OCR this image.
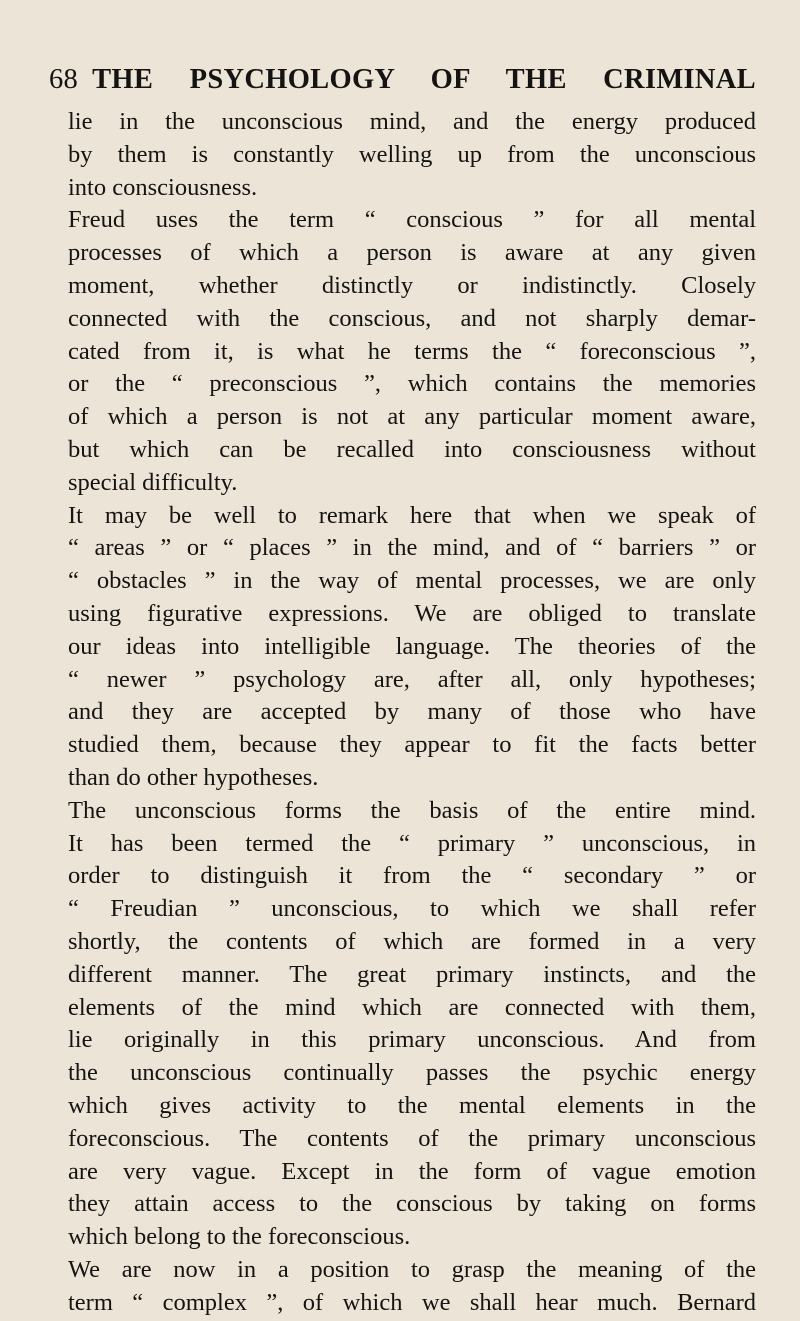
68 THE PSYCHOLOGY OF THE CRIMINAL
lie in the unconscious mind, and the energy produced
by them is constantly welling up from the unconscious
into consciousness.
Freud uses the term “ conscious ” for all mental
processes of which a person is aware at any given
moment, whether distinctly or indistinctly. Closely
connected with the conscious, and not sharply demar-
cated from it, is what he terms the “ foreconscious ”,
or the “ preconscious ”, which contains the memories
of which a person is not at any particular moment aware,
but which can be recalled into consciousness without
special difficulty.
It may be well to remark here that when we speak of
“ areas ” or “ places ” in the mind, and of “ barriers ” or
“ obstacles ” in the way of mental processes, we are only
using figurative expressions. We are obliged to translate
our ideas into intelligible language. The theories of the
“ newer ” psychology are, after all, only hypotheses;
and they are accepted by many of those who have
studied them, because they appear to fit the facts better
than do other hypotheses.
The unconscious forms the basis of the entire mind.
It has been termed the “ primary ” unconscious, in
order to distinguish it from the “ secondary ” or
“ Freudian ” unconscious, to which we shall refer
shortly, the contents of which are formed in a very
different manner. The great primary instincts, and the
elements of the mind which are connected with them,
lie originally in this primary unconscious. And from
the unconscious continually passes the psychic energy
which gives activity to the mental elements in the
foreconscious. The contents of the primary unconscious
are very vague. Except in the form of vague emotion
they attain access to the conscious by taking on forms
which belong to the foreconscious.
We are now in a position to grasp the meaning of the
term “ complex ”, of which we shall hear much. Bernard
